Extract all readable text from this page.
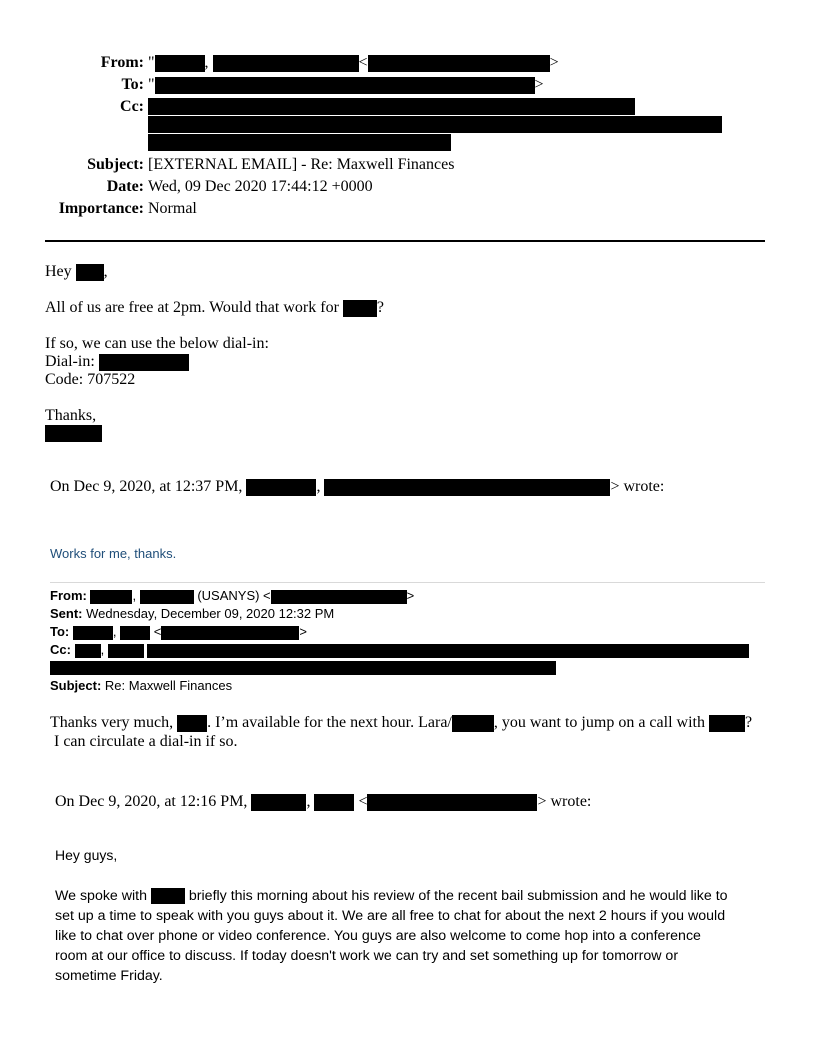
From: "	,	<	>
To: "	>
Cc:
Subject: [EXTERNAL EMAIL] - Re: Maxwell Finances
Date: Wed, 09 Dec 2020 17:44:12 +0000
Importance: Normal
Hey ,
All of us are free at 2pm. Would that work for ?
If so, we can use the below dial-in:
Dial-in:
Code: 707522
Thanks,
On Dec 9, 2020, at 12:37 PM,	,	> wrote:
Works for me, thanks.
From:	,	(USANYS) <	>
Sent: Wednesday, December 09, 2020 12:32 PM
To:	,  <	>
Cc: ,
Subject: Re: Maxwell Finances
Thanks very much, . I’m available for the next hour. Lara/	, you want to jump on a call with	?
I can circulate a dial-in if so.
On Dec 9, 2020, at 12:16 PM,	,	<	> wrote:
Hey guys,
We spoke with	briefly this morning about his review of the recent bail submission and he would like to
set up a time to speak with you guys about it. We are all free to chat for about the next 2 hours if you would
like to chat over phone or video conference. You guys are also welcome to come hop into a conference
room at our office to discuss. If today doesn't work we can try and set something up for tomorrow or
sometime Friday.
